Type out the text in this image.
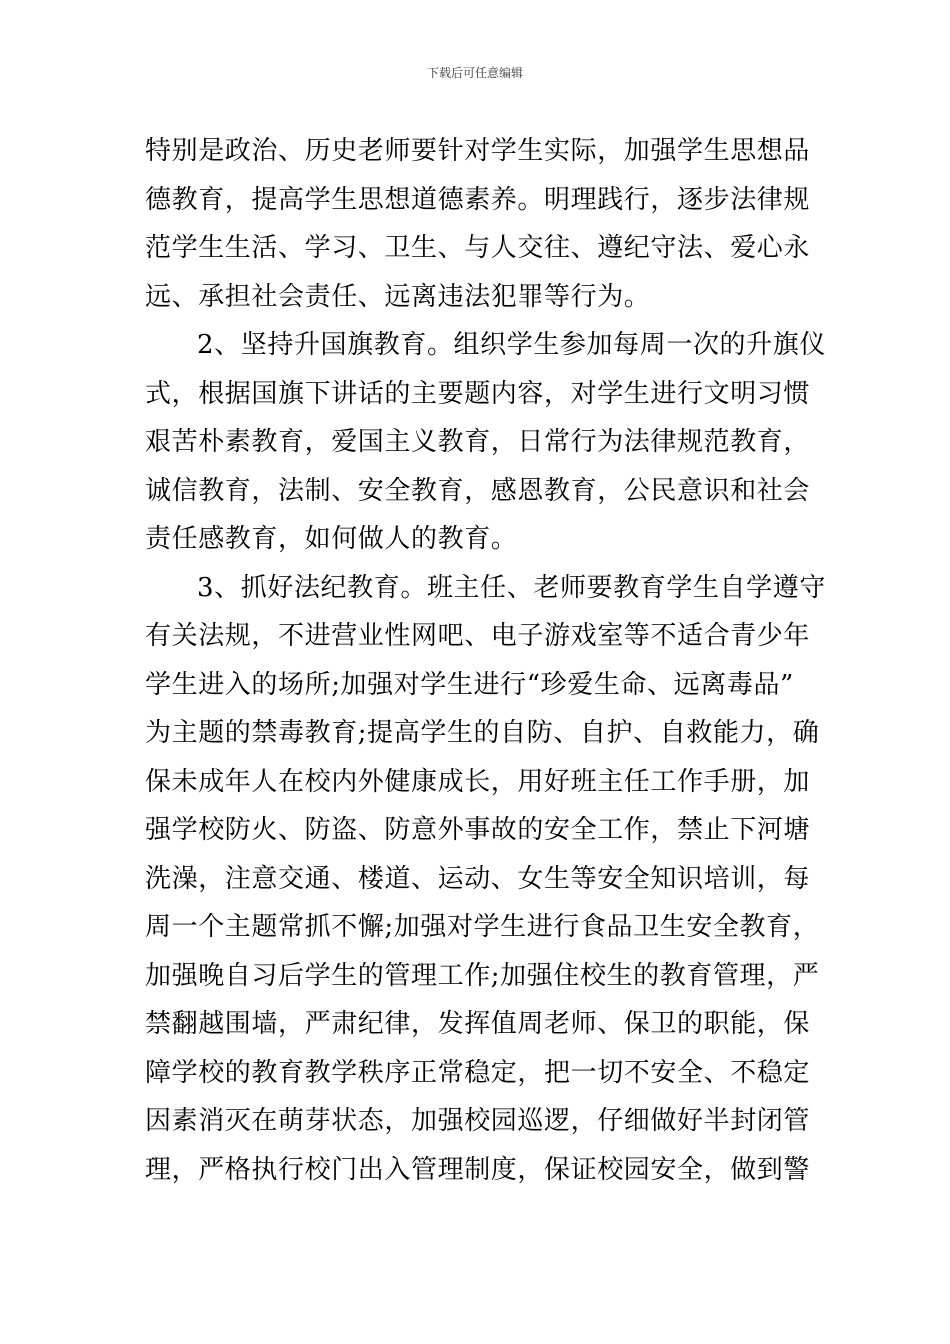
下载后可任意编辑
特别是政治、历史老师要针对学生实际，加强学生思想品
德教育，提高学生思想道德素养。明理践行，逐步法律规
范学生生活、学习、卫生、与人交往、遵纪守法、爱心永
远、承担社会责任、远离违法犯罪等行为。
2、坚持升国旗教育。组织学生参加每周一次的升旗仪
式，根据国旗下讲话的主要题内容，对学生进行文明习惯
艰苦朴素教育，爱国主义教育，日常行为法律规范教育，
诚信教育，法制、安全教育，感恩教育，公民意识和社会
责任感教育，如何做人的教育。
3、抓好法纪教育。班主任、老师要教育学生自学遵守
有关法规，不进营业性网吧、电子游戏室等不适合青少年
学生进入的场所;加强对学生进行“珍爱生命、远离毒品”
为主题的禁毒教育;提高学生的自防、自护、自救能力，确
保未成年人在校内外健康成长，用好班主任工作手册，加
强学校防火、防盗、防意外事故的安全工作，禁止下河塘
洗澡，注意交通、楼道、运动、女生等安全知识培训，每
周一个主题常抓不懈;加强对学生进行食品卫生安全教育，
加强晚自习后学生的管理工作;加强住校生的教育管理，严
禁翻越围墙，严肃纪律，发挥值周老师、保卫的职能，保
障学校的教育教学秩序正常稳定，把一切不安全、不稳定
因素消灭在萌芽状态，加强校园巡逻，仔细做好半封闭管
理，严格执行校门出入管理制度，保证校园安全，做到警
